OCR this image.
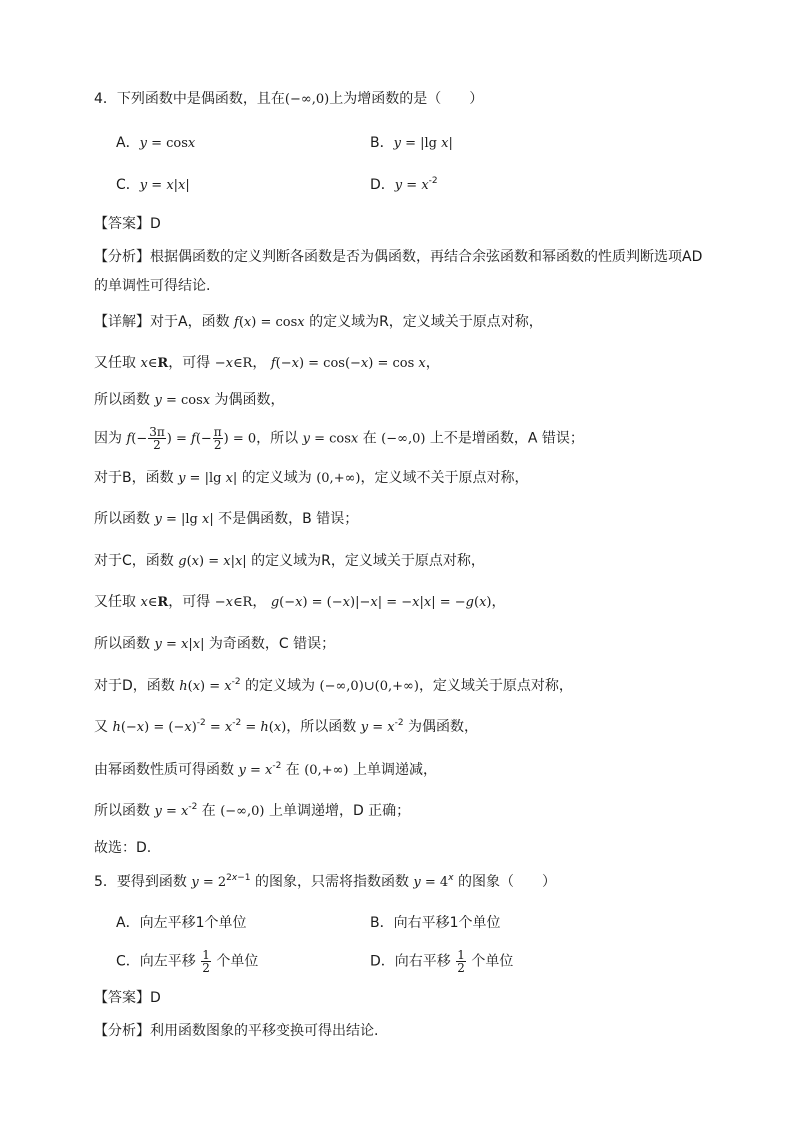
4．下列函数中是偶函数，且在(−∞,0)上为增函数的是（　　）
A．y = cosx	B．y = |lg x|
C．y = x|x|	D．$y = x^{-2}$
【答案】D
【分析】根据偶函数的定义判断各函数是否为偶函数，再结合余弦函数和幂函数的性质判断选项AD
的单调性可得结论.
【详解】对于A，函数 f(x) = cosx 的定义域为R，定义域关于原点对称，
又任取 x∈R，可得 −x∈R， f(−x) = cos(−x) = cos x，
所以函数 y = cosx 为偶函数，
因为 $f(- \frac{3\pi}{2}$ ) = $f(- \frac{\pi}{2}$ ) = 0，所以 y = cosx 在 (−∞,0) 上不是增函数，A 错误；
对于B，函数 y = |lg x| 的定义域为 (0,+∞)，定义域不关于原点对称，
所以函数 y = |lg x| 不是偶函数，B 错误；
对于C，函数 g(x) = x|x| 的定义域为R，定义域关于原点对称，
又任取 x∈R，可得 −x∈R， g(−x) = (−x)|−x| = −x|x| = −g(x)，
所以函数 y = x|x| 为奇函数，C 错误；
对于D，函数 $h(x) = x^{-2}$ 的定义域为 (−∞,0)∪(0,+∞)，定义域关于原点对称，
又 $h(-x) = (-x)^{-2} = x^{-2} = h(x)$，所以函数 $y = x^{-2}$ 为偶函数，
由幂函数性质可得函数 $y = x^{-2}$ 在 (0,+∞) 上单调递减，
所以函数 $y = x^{-2}$ 在 (−∞,0) 上单调递增，D 正确；
故选：D.
5．要得到函数 $y = 2^{2x-1}$ 的图象，只需将指数函数 $y = 4^x$ 的图象（　　）
A．向左平移1个单位	B．向右平移1个单位
C．向左平移 $\frac{1}{2}$ 个单位	D．向右平移 $\frac{1}{2}$ 个单位
【答案】D
【分析】利用函数图象的平移变换可得出结论.
